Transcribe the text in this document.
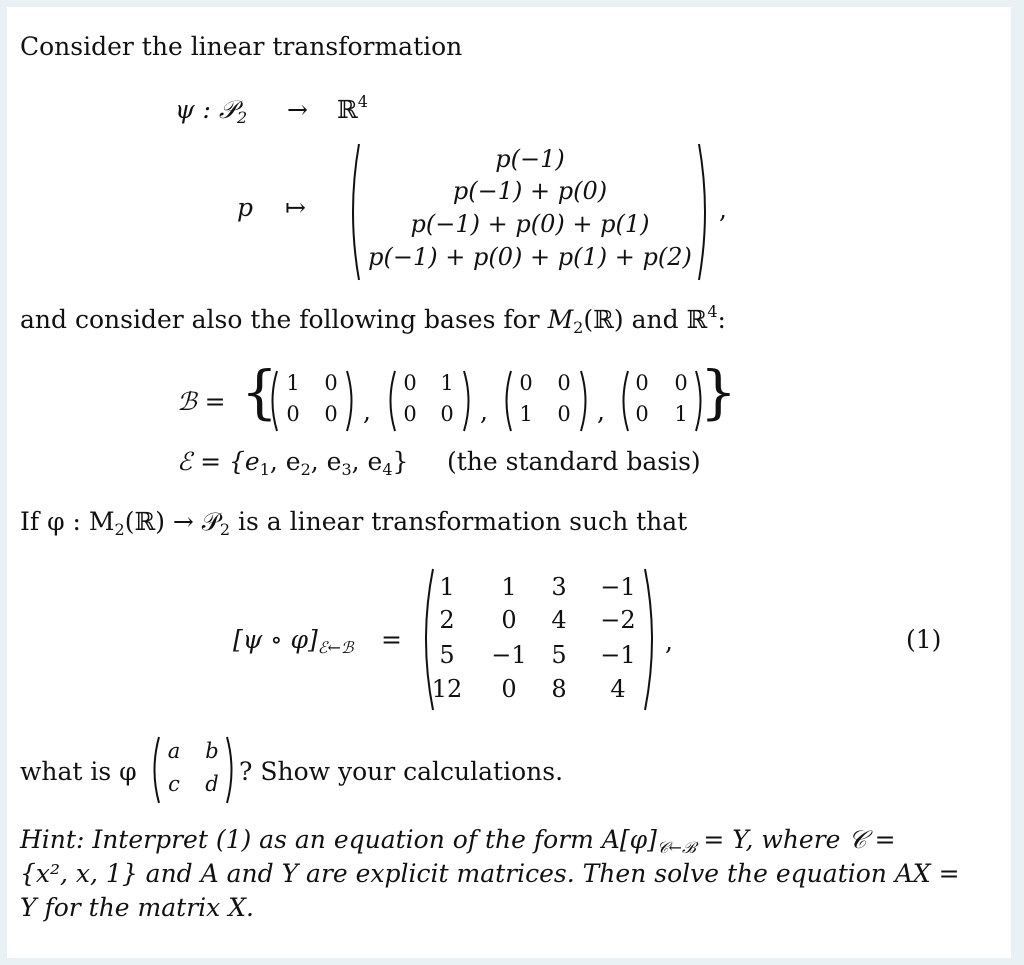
Consider the linear transformation
ψ : 𝒫$_2$ → ℝ$^4$
p ↦
p(−1)
p(−1) + p(0)
p(−1) + p(0) + p(1)
p(−1) + p(0) + p(1) + p(2)
,
and consider also the following bases for $M_2(ℝ)$ and ℝ$^4$:
ℬ = {	}
1 0
0 0 ,
0 1
0 0 ,
0 0
1 0 ,
0 0
0 1
ℰ = {$e_1$, $e_2$, $e_3$, $e_4$} (the standard basis)
If φ : $M_2(ℝ)$ → 𝒫$_2$ is a linear transformation such that
[ψ ∘ $\varphi]_{ℰ\leftarrow ℬ}$ =
1	1	3 −1
2	0	4 −2
5	−1 5 −1
12	0	8	4
,	(1)
what is φ
a b
c d ? Show your calculations.
Hint: Interpret (1) as an equation of the form $A[\varphi]_{𝒞\leftarrow ℬ} = Y$, where 𝒞 =
{x², x, 1} and A and Y are explicit matrices. Then solve the equation AX =
Y for the matrix X.
